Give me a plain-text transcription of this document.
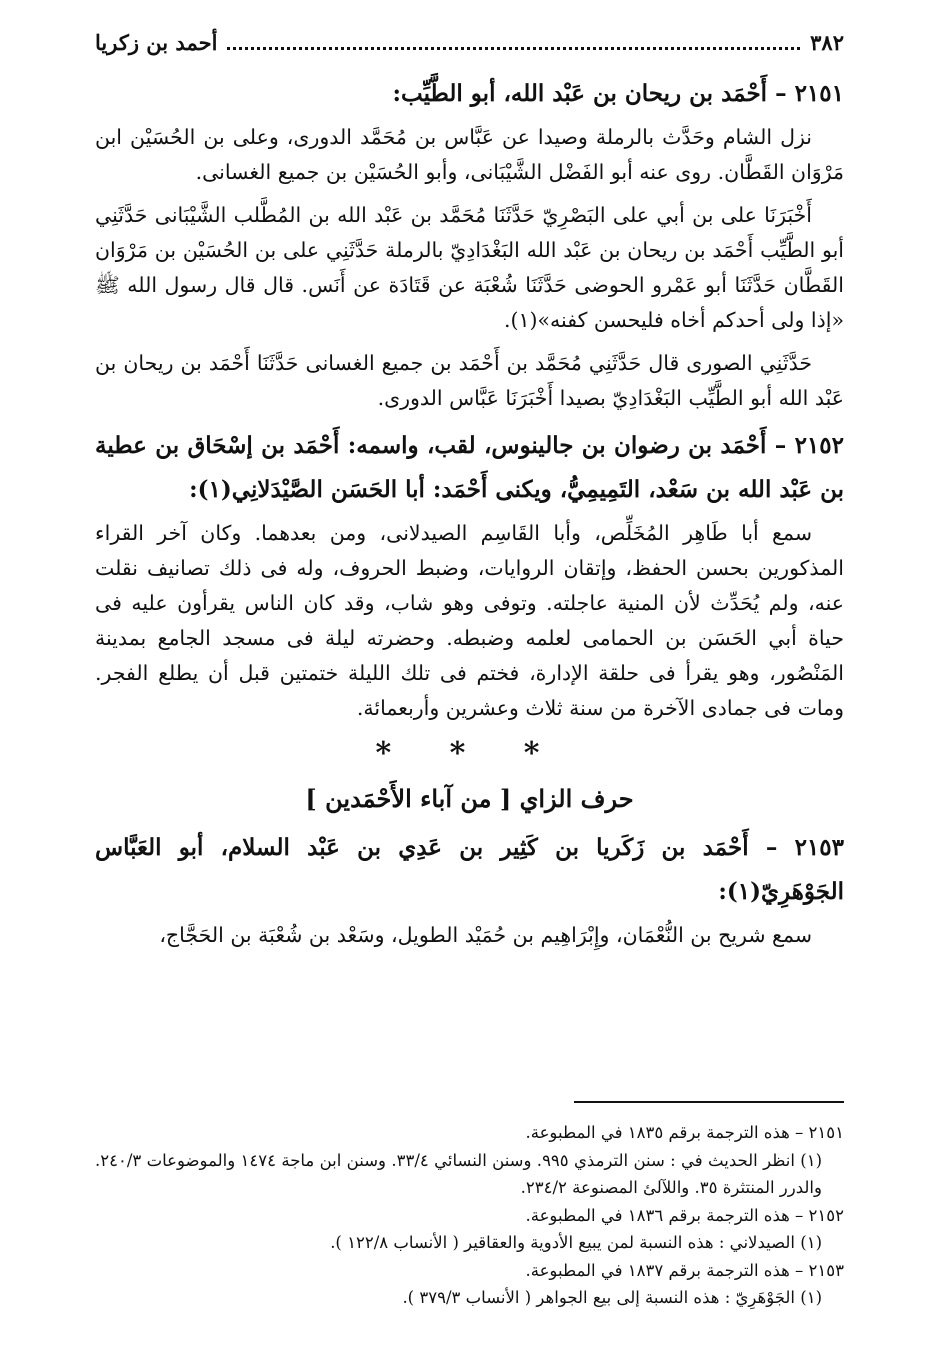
٣٨٢
أحمد بن زكريا
٢١٥١ – أَحْمَد بن ريحان بن عَبْد الله، أبو الطَّيِّب:

نزل الشام وحَدَّث بالرملة وصيدا عن عَبَّاس بن مُحَمَّد الدورى، وعلى بن الحُسَيْن ابن مَرْوَان القَطَّان. روى عنه أبو الفَضْل الشَّيْبَانى، وأبو الحُسَيْن بن جميع الغسانى.

أَخْبَرَنَا على بن أبي على البَصْرِيّ حَدَّثَنَا مُحَمَّد بن عَبْد الله بن المُطَّلب الشَّيْبَانى حَدَّثَنِي أبو الطَّيِّب أَحْمَد بن ريحان بن عَبْد الله البَغْدَادِيّ بالرملة حَدَّثَنِي على بن الحُسَيْن بن مَرْوَان القَطَّان حَدَّثَنَا أبو عَمْرو الحوضى حَدَّثَنَا شُعْبَة عن قَتَادَة عن أَنَس. قال قال رسول الله ﷺ «إذا ولى أحدكم أخاه فليحسن كفنه»(١).

حَدَّثَنِي الصورى قال حَدَّثَنِي مُحَمَّد بن أَحْمَد بن جميع الغسانى حَدَّثَنَا أَحْمَد بن ريحان بن عَبْد الله أبو الطَّيِّب البَغْدَادِيّ بصيدا أَخْبَرَنَا عَبَّاس الدورى.

٢١٥٢ – أَحْمَد بن رضوان بن جالينوس، لقب، واسمه: أَحْمَد بن إسْحَاق بن عطية بن عَبْد الله بن سَعْد، التَمِيمِيُّ، ويكنى أَحْمَد: أبا الحَسَن الصَّيْدَلانِي(١):

سمع أبا طَاهِر المُخَلِّص، وأبا القَاسِم الصيدلانى، ومن بعدهما. وكان آخر القراء المذكورين بحسن الحفظ، وإتقان الروايات، وضبط الحروف، وله فى ذلك تصانيف نقلت عنه، ولم يُحَدِّث لأن المنية عاجلته. وتوفى وهو شاب، وقد كان الناس يقرأون عليه فى حياة أبي الحَسَن بن الحمامى لعلمه وضبطه. وحضرته ليلة فى مسجد الجامع بمدينة المَنْصُور، وهو يقرأ فى حلقة الإدارة، فختم فى تلك الليلة ختمتين قبل أن يطلع الفجر. ومات فى جمادى الآخرة من سنة ثلاث وعشرين وأربعمائة.

* * *
حرف الزاي [ من آباء الأَحْمَدين ]
٢١٥٣ – أَحْمَد بن زَكَريا بن كَثِير بن عَدِي بن عَبْد السلام، أبو العَبَّاس الجَوْهَرِيّ(١):

سمع شريح بن النُّعْمَان، وإِبْرَاهِيم بن حُمَيْد الطويل، وسَعْد بن شُعْبَة بن الحَجَّاج،

٢١٥١ – هذه الترجمة برقم ١٨٣٥ في المطبوعة.

(١) انظر الحديث في : سنن الترمذي ٩٩٥. وسنن النسائي ٣٣/٤. وسنن ابن ماجة ١٤٧٤ والموضوعات ٢٤٠/٣. والدرر المنتثرة ٣٥. واللآلئ المصنوعة ٢٣٤/٢.

٢١٥٢ – هذه الترجمة برقم ١٨٣٦ في المطبوعة.

(١) الصيدلاني : هذه النسبة لمن يبيع الأدوية والعقاقير ( الأنساب ١٢٢/٨ ).

٢١٥٣ – هذه الترجمة برقم ١٨٣٧ في المطبوعة.

(١) الجَوْهَرِيّ : هذه النسبة إلى بيع الجواهر ( الأنساب ٣٧٩/٣ ).
